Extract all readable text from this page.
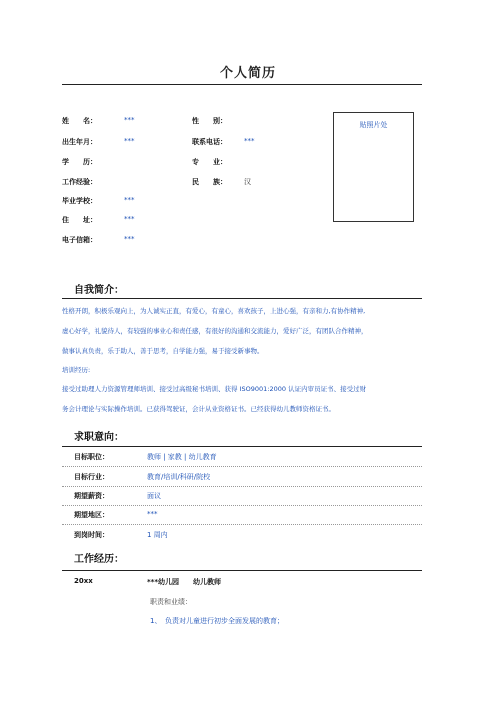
个人简历
姓　　名：	***	性　　别：
出生年月：	***	联系电话： ***
学　　历：	专　　业：
工作经验：	民　　族： 汉
毕业学校：	***
住　　址：	***
电子信箱：	***
贴照片处
自我简介：
性格开朗，积极乐观向上，为人诚实正直，有爱心，有童心，喜欢孩子，上进心强，有亲和力,有协作精神,
虚心好学，礼貌待人，有较强的事业心和责任感，有很好的沟通和交流能力，爱好广泛，有团队合作精神，
做事认真负责，乐于助人，善于思考，自学能力强，易于接受新事物。
培训经历:
接受过助理人力资源管理师培训、接受过高级秘书培训、获得 ISO9001:2000 认证内审员证书、接受过财
务会计理论与实际操作培训。已获得驾驶证，会计从业资格证书。已经获得幼儿教师资格证书。
求职意向：
目标职位：	教师 | 家教 | 幼儿教育
目标行业：	教育/培训/科研/院校
期望薪资：	面议
期望地区：	***
到岗时间：	1 周内
工作经历：
20xx	***幼儿园　　幼儿教师
职责和业绩：
1、　负责对儿童进行初步全面发展的教育；
